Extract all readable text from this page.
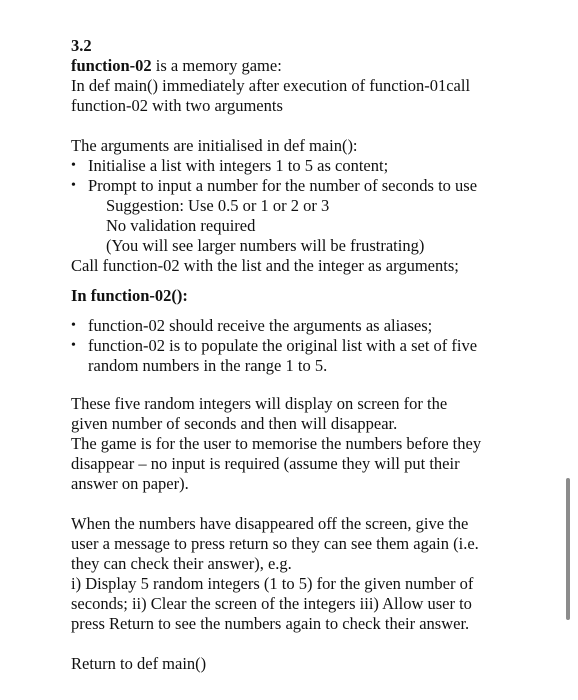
3.2
function-02 is a memory game:
In def main() immediately after execution of function-01call
function-02 with two arguments
The arguments are initialised in def main():
• Initialise a list with integers 1 to 5 as content;
• Prompt to input a number for the number of seconds to use
Suggestion: Use 0.5 or 1 or 2 or 3
No validation required
(You will see larger numbers will be frustrating)
Call function-02 with the list and the integer as arguments;
In function-02():
• function-02 should receive the arguments as aliases;
• function-02 is to populate the original list with a set of five
random numbers in the range 1 to 5.
These five random integers will display on screen for the
given number of seconds and then will disappear.
The game is for the user to memorise the numbers before they
disappear – no input is required (assume they will put their
answer on paper).
When the numbers have disappeared off the screen, give the
user a message to press return so they can see them again (i.e.
they can check their answer), e.g.
i) Display 5 random integers (1 to 5) for the given number of
seconds; ii) Clear the screen of the integers iii) Allow user to
press Return to see the numbers again to check their answer.
Return to def main()
